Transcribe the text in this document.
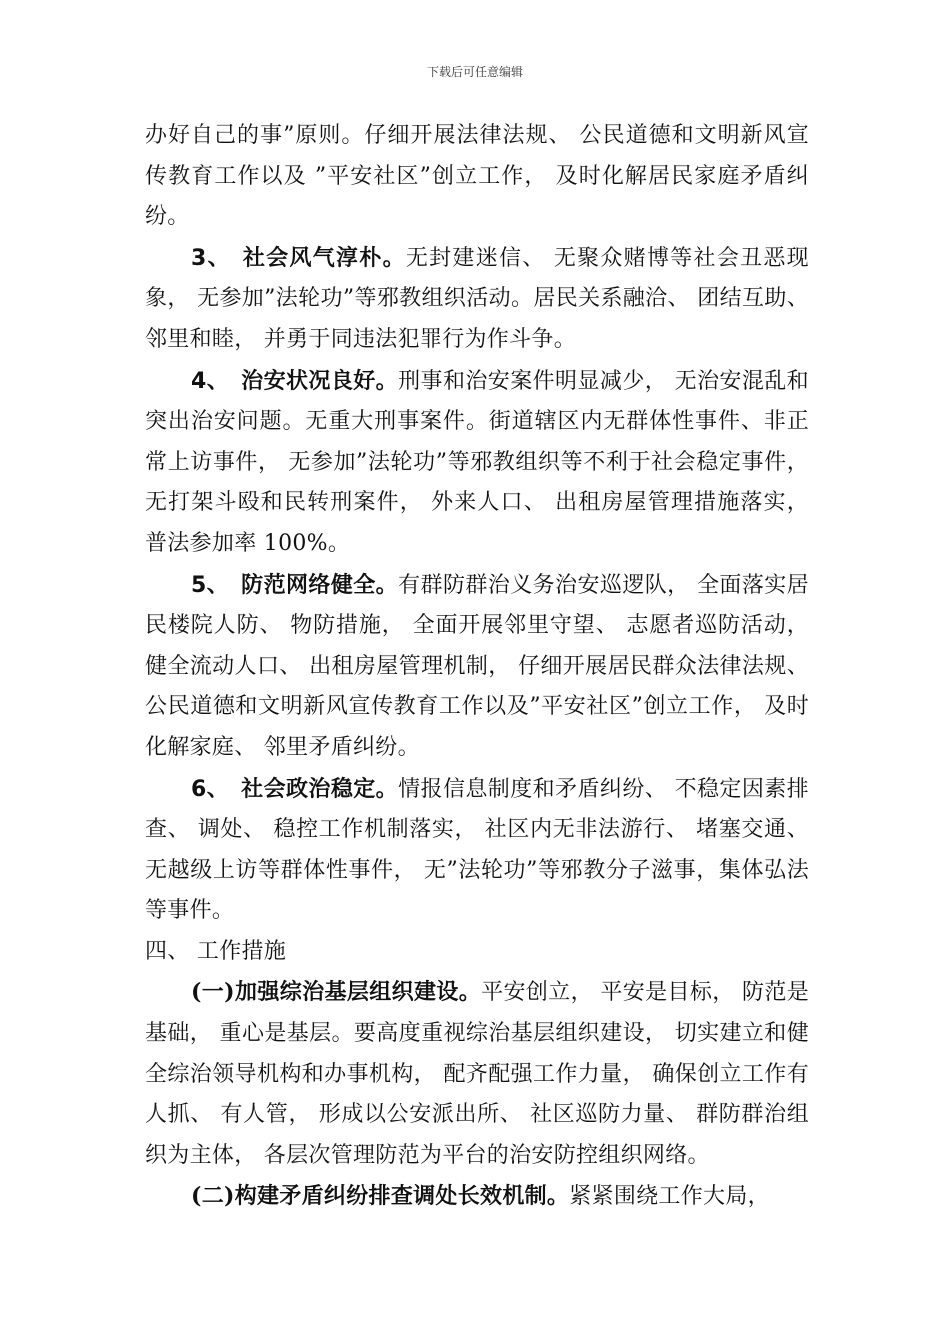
下载后可任意编辑

办好自己的事”原则。仔细开展法律法规、 公民道德和文明新风宣传教育工作以及 ”平安社区”创立工作， 及时化解居民家庭矛盾纠纷。

3、 社会风气淳朴。无封建迷信、 无聚众赌博等社会丑恶现象， 无参加”法轮功”等邪教组织活动。居民关系融洽、 团结互助、 邻里和睦， 并勇于同违法犯罪行为作斗争。

4、 治安状况良好。刑事和治安案件明显减少， 无治安混乱和突出治安问题。无重大刑事案件。街道辖区内无群体性事件、非正常上访事件， 无参加”法轮功”等邪教组织等不利于社会稳定事件， 无打架斗殴和民转刑案件， 外来人口、 出租房屋管理措施落实， 普法参加率 100%。

5、 防范网络健全。有群防群治义务治安巡逻队， 全面落实居民楼院人防、 物防措施， 全面开展邻里守望、 志愿者巡防活动， 健全流动人口、 出租房屋管理机制， 仔细开展居民群众法律法规、 公民道德和文明新风宣传教育工作以及”平安社区”创立工作， 及时化解家庭、 邻里矛盾纠纷。

6、 社会政治稳定。情报信息制度和矛盾纠纷、 不稳定因素排查、 调处、 稳控工作机制落实， 社区内无非法游行、 堵塞交通、 无越级上访等群体性事件， 无”法轮功”等邪教分子滋事，集体弘法等事件。

四、 工作措施

(一)加强综治基层组织建设。平安创立， 平安是目标， 防范是基础， 重心是基层。要高度重视综治基层组织建设， 切实建立和健全综治领导机构和办事机构， 配齐配强工作力量， 确保创立工作有人抓、 有人管， 形成以公安派出所、 社区巡防力量、 群防群治组织为主体， 各层次管理防范为平台的治安防控组织网络。

(二)构建矛盾纠纷排查调处长效机制。紧紧围绕工作大局，
